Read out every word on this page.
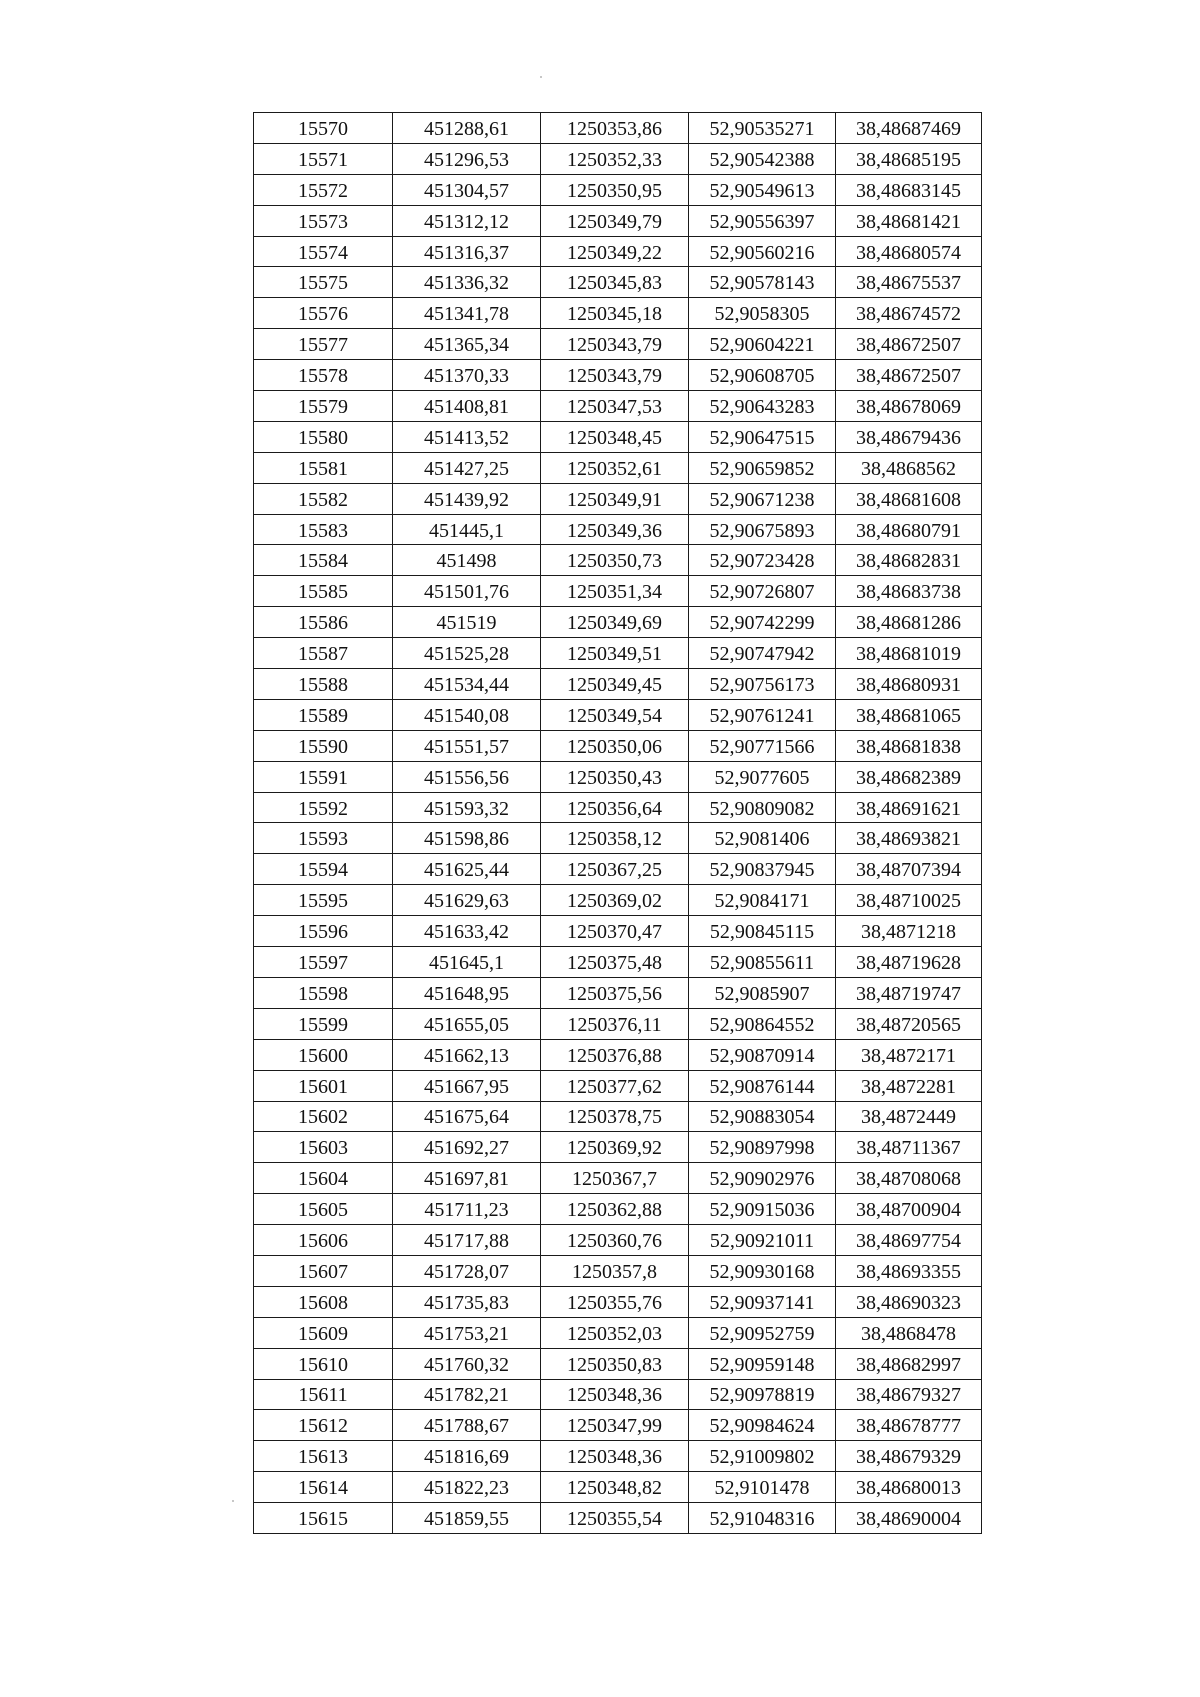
15570	451288,61	1250353,86	52,90535271	38,48687469
15571	451296,53	1250352,33	52,90542388	38,48685195
15572	451304,57	1250350,95	52,90549613	38,48683145
15573	451312,12	1250349,79	52,90556397	38,48681421
15574	451316,37	1250349,22	52,90560216	38,48680574
15575	451336,32	1250345,83	52,90578143	38,48675537
15576	451341,78	1250345,18	52,9058305	38,48674572
15577	451365,34	1250343,79	52,90604221	38,48672507
15578	451370,33	1250343,79	52,90608705	38,48672507
15579	451408,81	1250347,53	52,90643283	38,48678069
15580	451413,52	1250348,45	52,90647515	38,48679436
15581	451427,25	1250352,61	52,90659852	38,4868562
15582	451439,92	1250349,91	52,90671238	38,48681608
15583	451445,1	1250349,36	52,90675893	38,48680791
15584	451498	1250350,73	52,90723428	38,48682831
15585	451501,76	1250351,34	52,90726807	38,48683738
15586	451519	1250349,69	52,90742299	38,48681286
15587	451525,28	1250349,51	52,90747942	38,48681019
15588	451534,44	1250349,45	52,90756173	38,48680931
15589	451540,08	1250349,54	52,90761241	38,48681065
15590	451551,57	1250350,06	52,90771566	38,48681838
15591	451556,56	1250350,43	52,9077605	38,48682389
15592	451593,32	1250356,64	52,90809082	38,48691621
15593	451598,86	1250358,12	52,9081406	38,48693821
15594	451625,44	1250367,25	52,90837945	38,48707394
15595	451629,63	1250369,02	52,9084171	38,48710025
15596	451633,42	1250370,47	52,90845115	38,4871218
15597	451645,1	1250375,48	52,90855611	38,48719628
15598	451648,95	1250375,56	52,9085907	38,48719747
15599	451655,05	1250376,11	52,90864552	38,48720565
15600	451662,13	1250376,88	52,90870914	38,4872171
15601	451667,95	1250377,62	52,90876144	38,4872281
15602	451675,64	1250378,75	52,90883054	38,4872449
15603	451692,27	1250369,92	52,90897998	38,48711367
15604	451697,81	1250367,7	52,90902976	38,48708068
15605	451711,23	1250362,88	52,90915036	38,48700904
15606	451717,88	1250360,76	52,90921011	38,48697754
15607	451728,07	1250357,8	52,90930168	38,48693355
15608	451735,83	1250355,76	52,90937141	38,48690323
15609	451753,21	1250352,03	52,90952759	38,4868478
15610	451760,32	1250350,83	52,90959148	38,48682997
15611	451782,21	1250348,36	52,90978819	38,48679327
15612	451788,67	1250347,99	52,90984624	38,48678777
15613	451816,69	1250348,36	52,91009802	38,48679329
15614	451822,23	1250348,82	52,9101478	38,48680013
15615	451859,55	1250355,54	52,91048316	38,48690004
